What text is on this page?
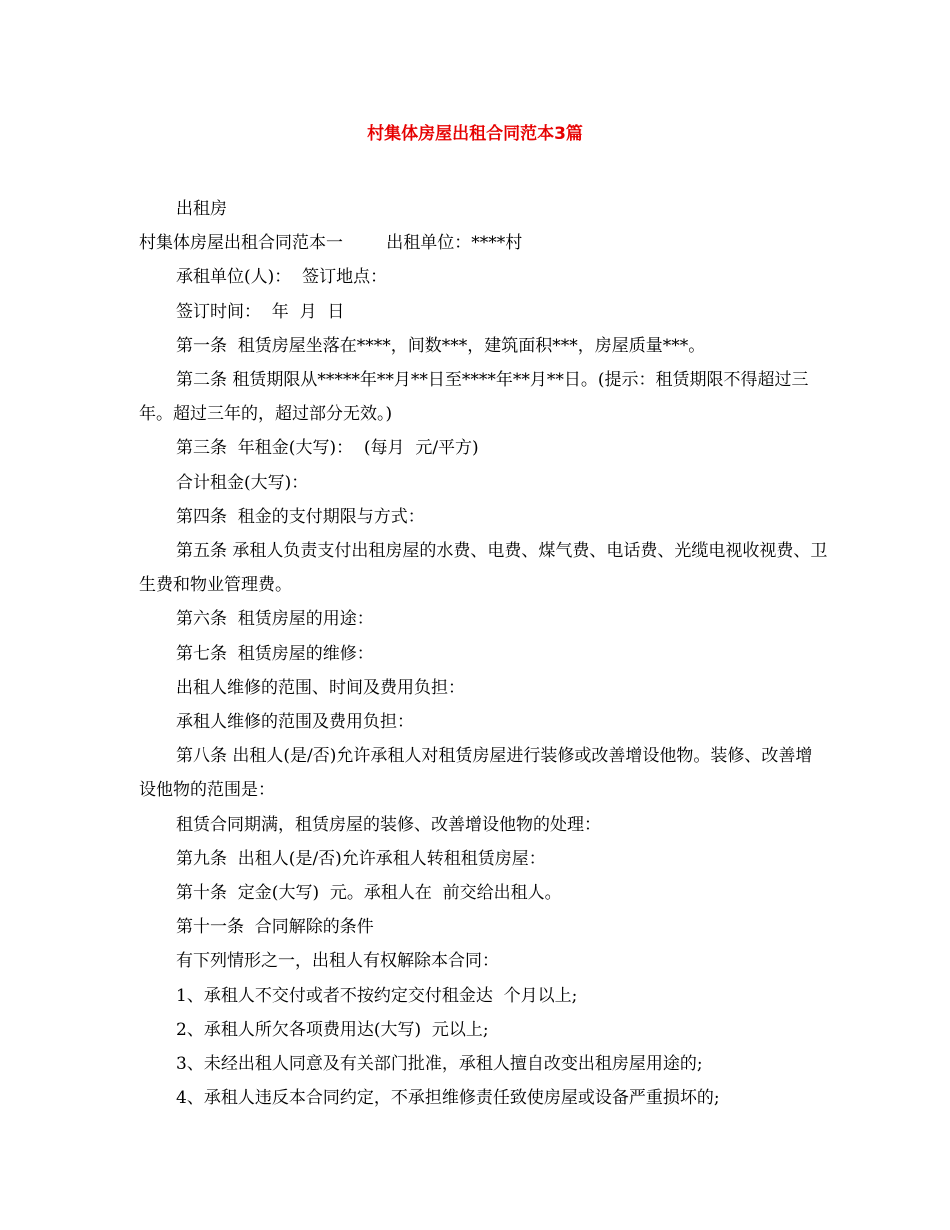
村集体房屋出租合同范本3篇

出租房

村集体房屋出租合同范本一        出租单位：****村

承租单位(人)：  签订地点：

签订时间：  年  月  日

第一条  租赁房屋坐落在****，间数***，建筑面积***，房屋质量***。

第二条 租赁期限从*****年**月**日至****年**月**日。(提示：租赁期限不得超过三年。超过三年的，超过部分无效。)

第三条  年租金(大写)：  (每月  元/平方)

合计租金(大写)：

第四条  租金的支付期限与方式：

第五条 承租人负责支付出租房屋的水费、电费、煤气费、电话费、光缆电视收视费、卫生费和物业管理费。

第六条  租赁房屋的用途：

第七条  租赁房屋的维修：

出租人维修的范围、时间及费用负担：

承租人维修的范围及费用负担：

第八条 出租人(是/否)允许承租人对租赁房屋进行装修或改善增设他物。装修、改善增设他物的范围是：

租赁合同期满，租赁房屋的装修、改善增设他物的处理：

第九条  出租人(是/否)允许承租人转租租赁房屋：

第十条  定金(大写)  元。承租人在  前交给出租人。

第十一条  合同解除的条件

有下列情形之一，出租人有权解除本合同：

1、承租人不交付或者不按约定交付租金达  个月以上;

2、承租人所欠各项费用达(大写)  元以上;

3、未经出租人同意及有关部门批准，承租人擅自改变出租房屋用途的;

4、承租人违反本合同约定，不承担维修责任致使房屋或设备严重损坏的;
